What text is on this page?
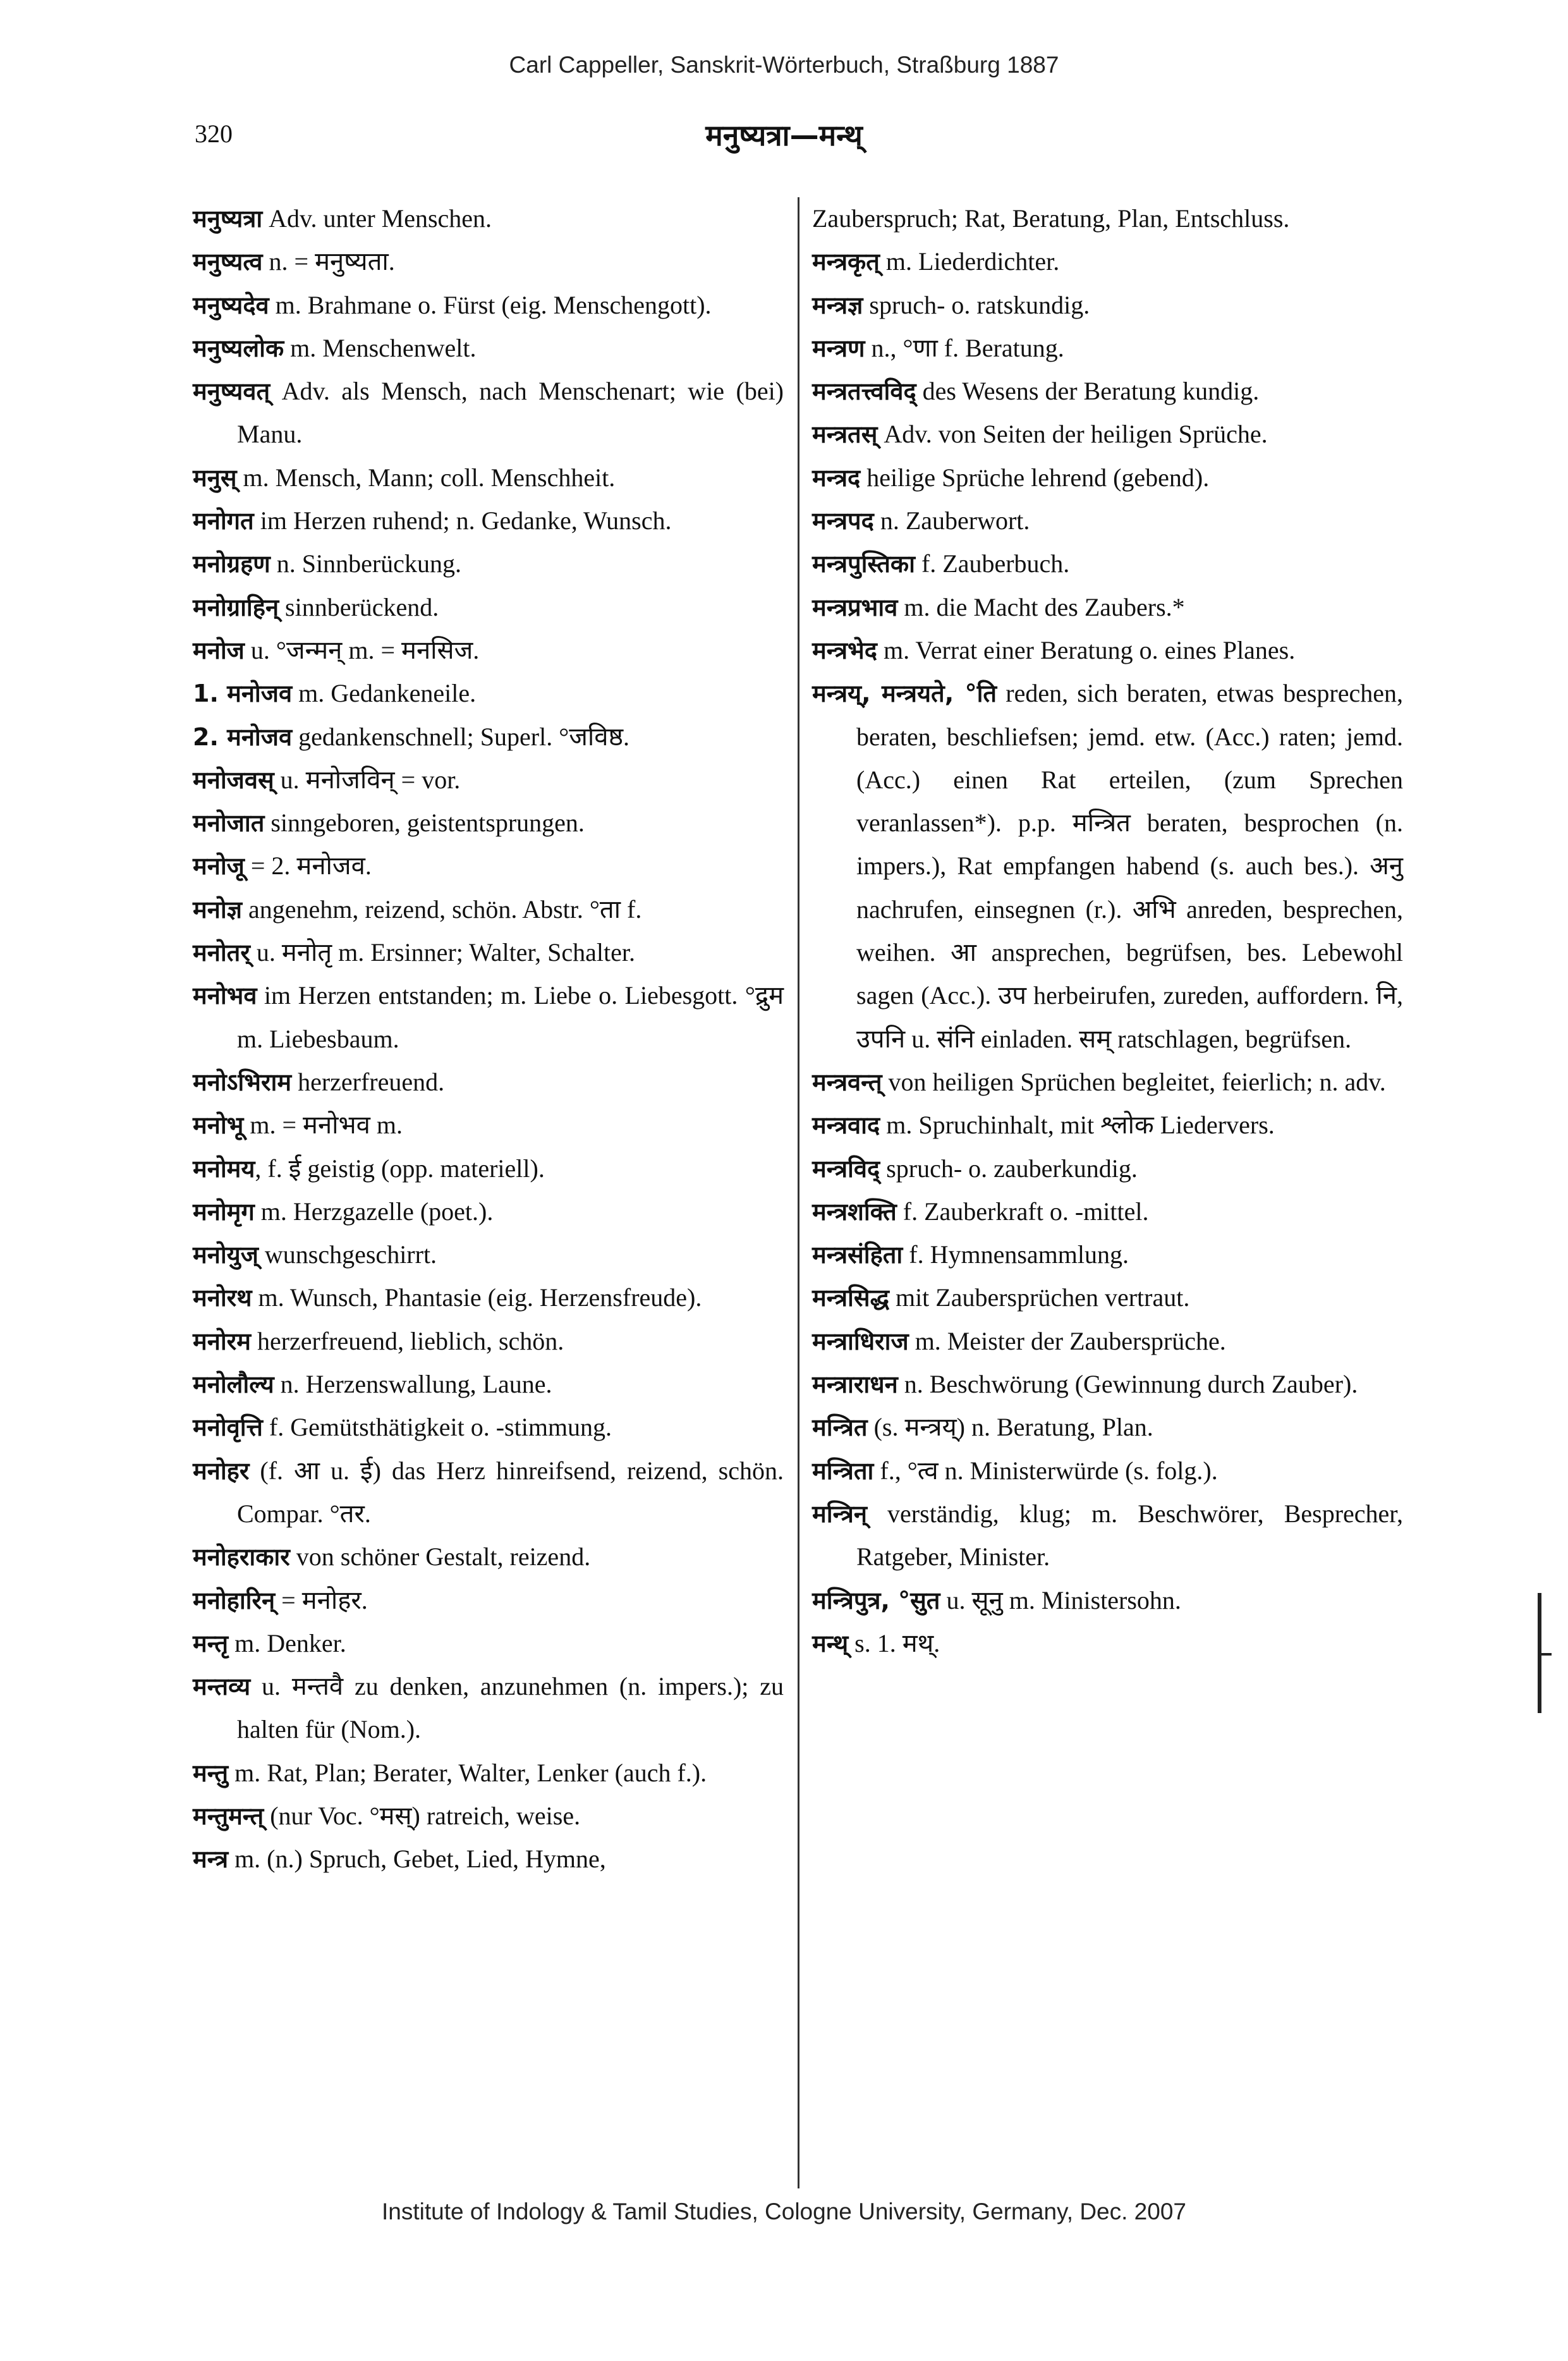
Carl Cappeller, Sanskrit-Wörterbuch, Straßburg 1887
320	मनुष्यत्रा—मन्थ्

मनुष्यत्रा Adv. unter Menschen.

मनुष्यत्व n. = मनुष्यता.

मनुष्यदेव m. Brahmane o. Fürst (eig. Menschengott).

मनुष्यलोक m. Menschenwelt.

मनुष्यवत् Adv. als Mensch, nach Menschenart; wie (bei) Manu.

मनुस् m. Mensch, Mann; coll. Menschheit.

मनोगत im Herzen ruhend; n. Gedanke, Wunsch.

मनोग्रहण n. Sinnberückung.

मनोग्राहिन् sinnberückend.

मनोज u. °जन्मन् m. = मनसिज.

1. मनोजव m. Gedankeneile.

2. मनोजव gedankenschnell; Superl. °जविष्ठ.

मनोजवस् u. मनोजविन् = vor.

मनोजात sinngeboren, geistentsprungen.

मनोजू = 2. मनोजव.

मनोज्ञ angenehm, reizend, schön. Abstr. °ता f.

मनोतर् u. मनोतृ m. Ersinner; Walter, Schalter.

मनोभव im Herzen entstanden; m. Liebe o. Liebesgott. °द्रुम m. Liebesbaum.

मनोऽभिराम herzerfreuend.

मनोभू m. = मनोभव m.

मनोमय, f. ई geistig (opp. materiell).

मनोमृग m. Herzgazelle (poet.).

मनोयुज् wunschgeschirrt.

मनोरथ m. Wunsch, Phantasie (eig. Herzensfreude).

मनोरम herzerfreuend, lieblich, schön.

मनोलौल्य n. Herzenswallung, Laune.

मनोवृत्ति f. Gemütsthätigkeit o. -stimmung.

मनोहर (f. आ u. ई) das Herz hinreifsend, reizend, schön. Compar. °तर.

मनोहराकार von schöner Gestalt, reizend.

मनोहारिन् = मनोहर.

मन्तृ m. Denker.

मन्तव्य u. मन्तवै zu denken, anzunehmen (n. impers.); zu halten für (Nom.).

मन्तु m. Rat, Plan; Berater, Walter, Lenker (auch f.).

मन्तुमन्त् (nur Voc. °मस्) ratreich, weise.

मन्त्र m. (n.) Spruch, Gebet, Lied, Hymne,

Zauberspruch; Rat, Beratung, Plan, Entschluss.

मन्त्रकृत् m. Liederdichter.

मन्त्रज्ञ spruch- o. ratskundig.

मन्त्रण n., °णा f. Beratung.

मन्त्रतत्त्वविद् des Wesens der Beratung kundig.

मन्त्रतस् Adv. von Seiten der heiligen Sprüche.

मन्त्रद heilige Sprüche lehrend (gebend).

मन्त्रपद n. Zauberwort.

मन्त्रपुस्तिका f. Zauberbuch.

मन्त्रप्रभाव m. die Macht des Zaubers.*

मन्त्रभेद m. Verrat einer Beratung o. eines Planes.

मन्त्रय्, मन्त्रयते, °ति reden, sich beraten, etwas besprechen, beraten, beschliefsen; jemd. etw. (Acc.) raten; jemd. (Acc.) einen Rat erteilen, (zum Sprechen veranlassen*). p.p. मन्त्रित beraten, besprochen (n. impers.), Rat empfangen habend (s. auch bes.). अनु nachrufen, einsegnen (r.). अभि anreden, besprechen, weihen. आ ansprechen, begrüfsen, bes. Lebewohl sagen (Acc.). उप herbeirufen, zureden, auffordern. नि, उपनि u. संनि einladen. सम् ratschlagen, begrüfsen.

मन्त्रवन्त् von heiligen Sprüchen begleitet, feierlich; n. adv.

मन्त्रवाद m. Spruchinhalt, mit श्लोक Liedervers.

मन्त्रविद् spruch- o. zauberkundig.

मन्त्रशक्ति f. Zauberkraft o. -mittel.

मन्त्रसंहिता f. Hymnensammlung.

मन्त्रसिद्ध mit Zaubersprüchen vertraut.

मन्त्राधिराज m. Meister der Zaubersprüche.

मन्त्राराधन n. Beschwörung (Gewinnung durch Zauber).

मन्त्रित (s. मन्त्रय्) n. Beratung, Plan.

मन्त्रिता f., °त्व n. Ministerwürde (s. folg.).

मन्त्रिन् verständig, klug; m. Beschwörer, Besprecher, Ratgeber, Minister.

मन्त्रिपुत्र, °सुत u. सूनु m. Ministersohn.

मन्थ् s. 1. मथ्.

Institute of Indology & Tamil Studies, Cologne University, Germany, Dec. 2007
